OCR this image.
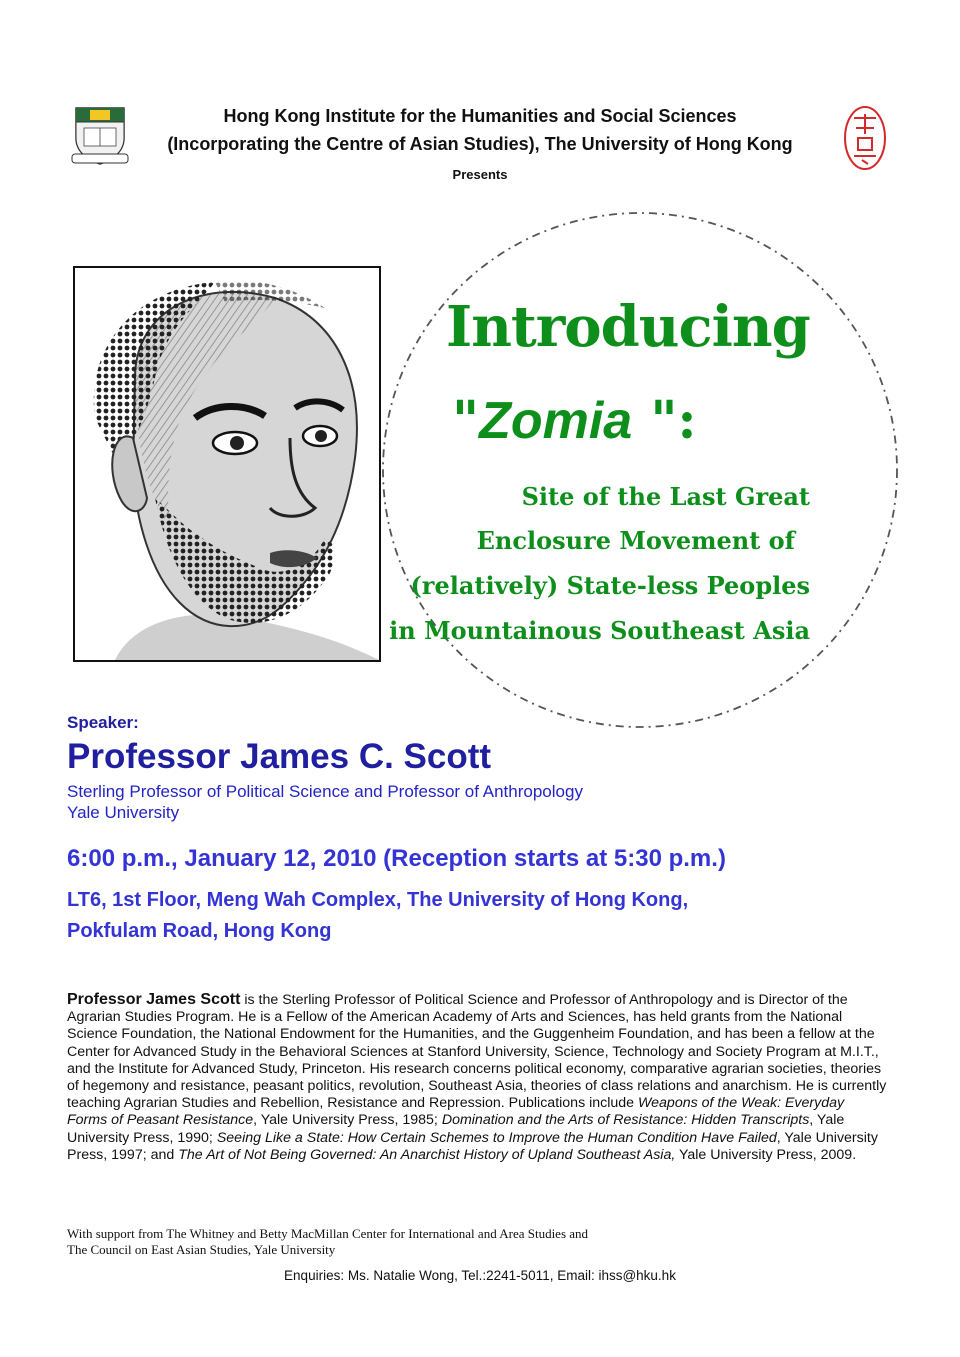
Hong Kong Institute for the Humanities and Social Sciences
(Incorporating the Centre of Asian Studies), The University of Hong Kong
Presents
Introducing
"Zomia ":
Site of the Last Great
Enclosure Movement of
(relatively) State-less Peoples
in Mountainous Southeast Asia
Speaker:
Professor James C. Scott
Sterling Professor of Political Science and Professor of Anthropology
Yale University
6:00 p.m., January 12, 2010 (Reception starts at 5:30 p.m.)
LT6, 1st Floor, Meng Wah Complex, The University of Hong Kong,
Pokfulam Road, Hong Kong
Professor James Scott is the Sterling Professor of Political Science and Professor of Anthropology and is Director of the Agrarian Studies Program. He is a Fellow of the American Academy of Arts and Sciences, has held grants from the National Science Foundation, the National Endowment for the Humanities, and the Guggenheim Foundation, and has been a fellow at the Center for Advanced Study in the Behavioral Sciences at Stanford University, Science, Technology and Society Program at M.I.T., and the Institute for Advanced Study, Princeton. His research concerns political economy, comparative agrarian societies, theories of hegemony and resistance, peasant politics, revolution, Southeast Asia, theories of class relations and anarchism. He is currently teaching Agrarian Studies and Rebellion, Resistance and Repression. Publications include Weapons of the Weak: Everyday Forms of Peasant Resistance, Yale University Press, 1985; Domination and the Arts of Resistance: Hidden Transcripts, Yale University Press, 1990; Seeing Like a State: How Certain Schemes to Improve the Human Condition Have Failed, Yale University Press, 1997; and The Art of Not Being Governed: An Anarchist History of Upland Southeast Asia, Yale University Press, 2009.
With support from The Whitney and Betty MacMillan Center for International and Area Studies and
The Council on East Asian Studies, Yale University
Enquiries: Ms. Natalie Wong, Tel.:2241-5011, Email: ihss@hku.hk
